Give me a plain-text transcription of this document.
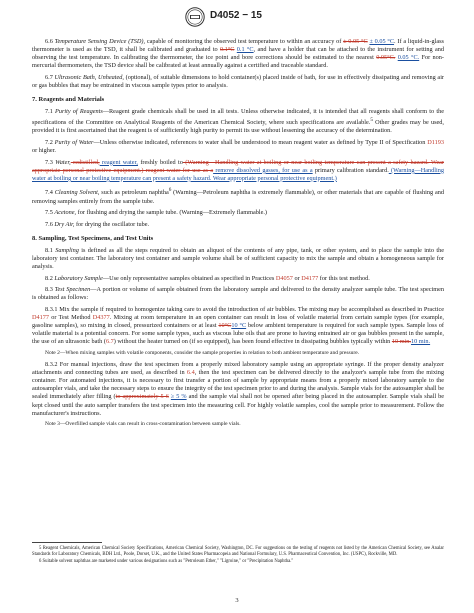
D4052 − 15

6.6 Temperature Sensing Device (TSD), capable of monitoring the observed test temperature to within an accuracy of ± 0.05 °C ± 0.05 °C. If a liquid-in-glass thermometer is used as the TSD, it shall be calibrated and graduated to 0.1°C 0.1 °C, and have a holder that can be attached to the instrument for setting and observing the test temperature. In calibrating the thermometer, the ice point and bore corrections should be estimated to the nearest 0.05°C. 0.05 °C. For non-mercurial thermometers, the TSD device shall be calibrated at least annually against a certified and traceable standard.

6.7 Ultrasonic Bath, Unheated, (optional), of suitable dimensions to hold container(s) placed inside of bath, for use in effectively dissipating and removing air or gas bubbles that may be entrained in viscous sample types prior to analysis.

7. Reagents and Materials

7.1 Purity of Reagents—Reagent grade chemicals shall be used in all tests. Unless otherwise indicated, it is intended that all reagents shall conform to the specifications of the Committee on Analytical Reagents of the American Chemical Society, where such specifications are available.$^5$ Other grades may be used, provided it is first ascertained that the reagent is of sufficiently high purity to permit its use without lessening the accuracy of the determination.

7.2 Purity of Water—Unless otherwise indicated, references to water shall be understood to mean reagent water as defined by Type II of Specification D1193 or higher.

7.3 Water, redistilled, reagent water, freshly boiled to (Warning—Handling water at boiling or near boiling temperature can present a safety hazard. Wear appropriate personal protective equipment.) reagent water for use as a remove dissolved gasses, for use as a primary calibration standard. (Warning—Handling water at boiling or near boiling temperature can present a safety hazard. Wear appropriate personal protective equipment.)

7.4 Cleaning Solvent, such as petroleum naphtha$^6$ (Warning—Petroleum naphtha is extremely flammable), or other materials that are capable of flushing and removing samples entirely from the sample tube.

7.5 Acetone, for flushing and drying the sample tube. (Warning—Extremely flammable.)

7.6 Dry Air, for drying the oscillator tube.

8. Sampling, Test Specimens, and Test Units

8.1 Sampling is defined as all the steps required to obtain an aliquot of the contents of any pipe, tank, or other system, and to place the sample into the laboratory test container. The laboratory test container and sample volume shall be of sufficient capacity to mix the sample and obtain a homogeneous sample for analysis.

8.2 Laboratory Sample—Use only representative samples obtained as specified in Practices D4057 or D4177 for this test method.

8.3 Test Specimen—A portion or volume of sample obtained from the laboratory sample and delivered to the density analyzer sample tube. The test specimen is obtained as follows:

8.3.1 Mix the sample if required to homogenize taking care to avoid the introduction of air bubbles. The mixing may be accomplished as described in Practice D4177 or Test Method D4377. Mixing at room temperature in an open container can result in loss of volatile material from certain sample types (for example, gasoline samples), so mixing in closed, pressurized containers or at least 10°C10 °C below ambient temperature is required for such sample types. Sample loss of volatile material is a potential concern. For some sample types, such as viscous lube oils that are prone to having entrained air or gas bubbles present in the sample, the use of an ultrasonic bath (6.7) without the heater turned on (if so equipped), has been found effective in dissipating bubbles typically within 10 min.10 min.

Note 2—When mixing samples with volatile components, consider the sample properties in relation to both ambient temperature and pressure.

8.3.2 For manual injections, draw the test specimen from a properly mixed laboratory sample using an appropriate syringe. If the proper density analyzer attachments and connecting tubes are used, as described in 6.4, then the test specimen can be delivered directly to the analyzer's sample tube from the mixing container. For automated injections, it is necessary to first transfer a portion of sample by appropriate means from a properly mixed laboratory sample to the autosampler vials, and take the necessary steps to ensure the integrity of the test specimen prior to and during the analysis. Sample vials for the autosampler shall be sealed immediately after filling (to approximately 5-6 ≥ 5 % and the sample vial shall not be opened after being placed in the autosampler. Sample vials shall be kept closed until the auto sampler transfers the test specimen into the measuring cell. For highly volatile samples, cool the sample prior to measurement. Follow the manufacturer's instructions.

Note 3—Overfilled sample vials can result in cross-contamination between sample vials.

5 Reagent Chemicals, American Chemical Society Specifications, American Chemical Society, Washington, DC. For suggestions on the testing of reagents not listed by the American Chemical Society, see Analar Standards for Laboratory Chemicals, BDH Ltd., Poole, Dorset, U.K., and the United States Pharmacopeia and National Formulary, U.S. Pharmaceutical Convention, Inc. (USPC), Rockville, MD.

6 Suitable solvent naphthas are marketed under various designations such as "Petroleum Ether," "Ligroine," or "Precipitation Naphtha."

3
